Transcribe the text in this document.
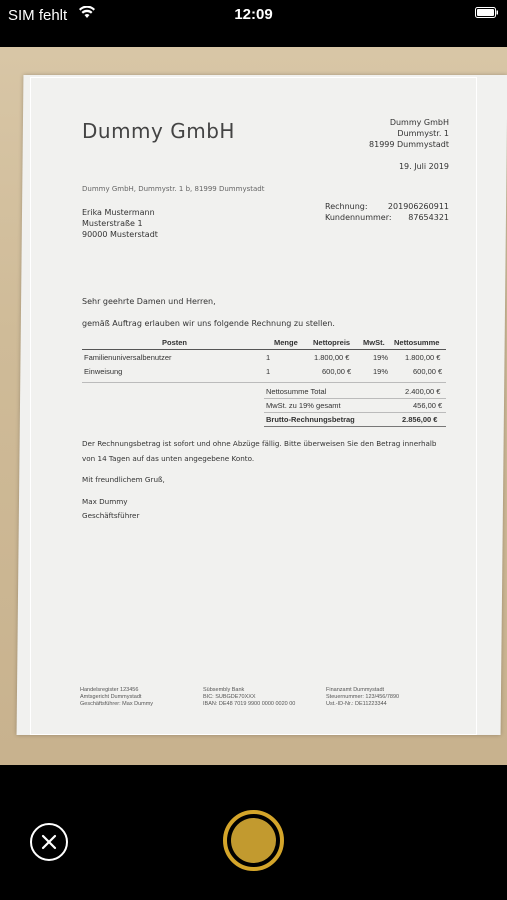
SIM fehlt	12:09
Dummy GmbH	Dummy GmbH
Dummystr. 1
81999 Dummystadt
19. Juli 2019
Dummy GmbH, Dummystr. 1 b, 81999 Dummystadt
Erika Mustermann
Musterstraße 1
90000 Musterstadt
Rechnung:	201906260911
Kundennummer: 87654321
Sehr geehrte Damen und Herren,
gemäß Auftrag erlauben wir uns folgende Rechnung zu stellen.
Posten	Menge Nettopreis MwSt. Nettosumme
Familienuniversalbenutzer	1	1.800,00 €	19% 1.800,00 €
Einweisung	1	600,00 €	19%	600,00 €
Nettosumme Total	2.400,00 €
MwSt. zu 19% gesamt	456,00 €
Brutto-Rechnungsbetrag	2.856,00 €
Der Rechnungsbetrag ist sofort und ohne Abzüge fällig. Bitte überweisen Sie den Betrag innerhalb
von 14 Tagen auf das unten angegebene Konto.
Mit freundlichem Gruß,
Max Dummy
Geschäftsführer
Handelsregister 123456
Amtsgericht Dummystadt
Geschäftsführer: Max Dummy
Sübsembly Bank
BIC: SUBGDE70XXX
IBAN: DE48 7019 9900 0000 0020 00
Finanzamt Dummystadt
Steuernummer: 123/456/7890
Ust.-ID-Nr.: DE11223344
